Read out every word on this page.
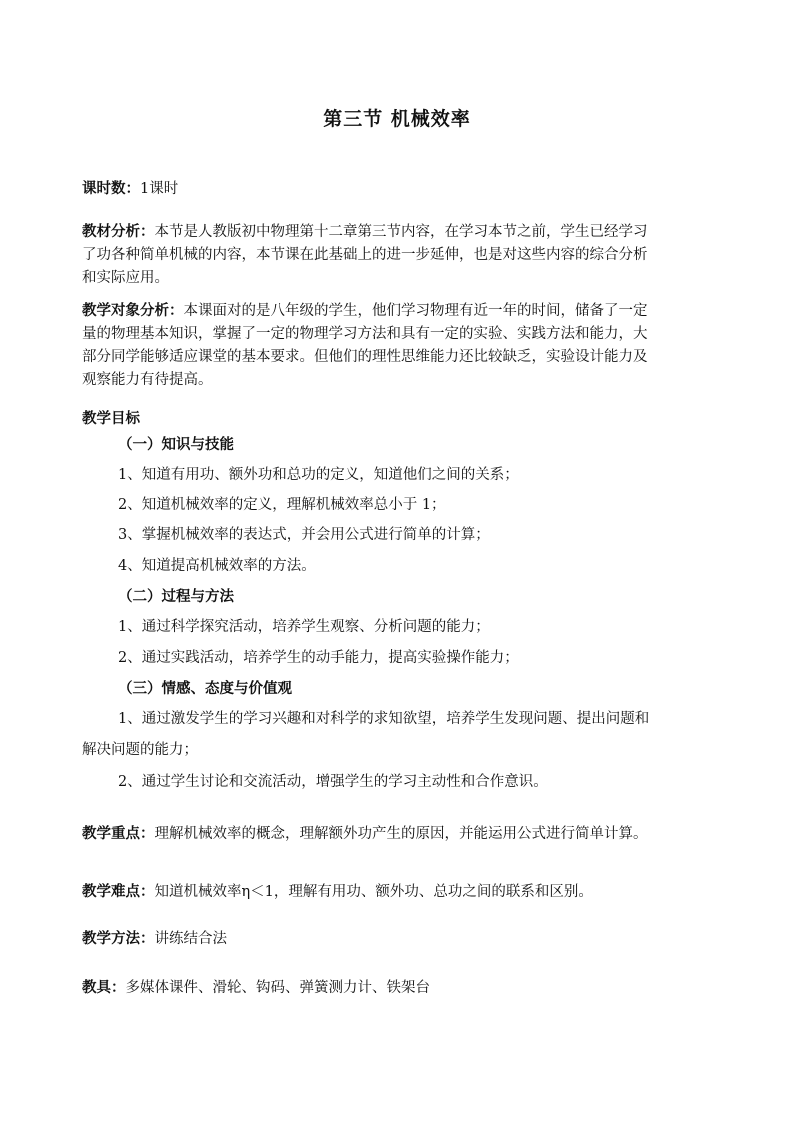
第三节 机械效率
课时数：1课时
教材分析：本节是人教版初中物理第十二章第三节内容，在学习本节之前，学生已经学习
了功各种简单机械的内容，本节课在此基础上的进一步延伸，也是对这些内容的综合分析
和实际应用。
教学对象分析：本课面对的是八年级的学生，他们学习物理有近一年的时间，储备了一定
量的物理基本知识，掌握了一定的物理学习方法和具有一定的实验、实践方法和能力，大
部分同学能够适应课堂的基本要求。但他们的理性思维能力还比较缺乏，实验设计能力及
观察能力有待提高。
教学目标
（一）知识与技能
1、知道有用功、额外功和总功的定义，知道他们之间的关系；
2、知道机械效率的定义，理解机械效率总小于 1；
3、掌握机械效率的表达式，并会用公式进行简单的计算；
4、知道提高机械效率的方法。
（二）过程与方法
1、通过科学探究活动，培养学生观察、分析问题的能力；
2、通过实践活动，培养学生的动手能力，提高实验操作能力；
（三）情感、态度与价值观
1、通过激发学生的学习兴趣和对科学的求知欲望，培养学生发现问题、提出问题和
解决问题的能力；
2、通过学生讨论和交流活动，增强学生的学习主动性和合作意识。
教学重点：理解机械效率的概念，理解额外功产生的原因，并能运用公式进行简单计算。
教学难点：知道机械效率η＜1，理解有用功、额外功、总功之间的联系和区别。
教学方法：讲练结合法
教具：多媒体课件、滑轮、钩码、弹簧测力计、铁架台
